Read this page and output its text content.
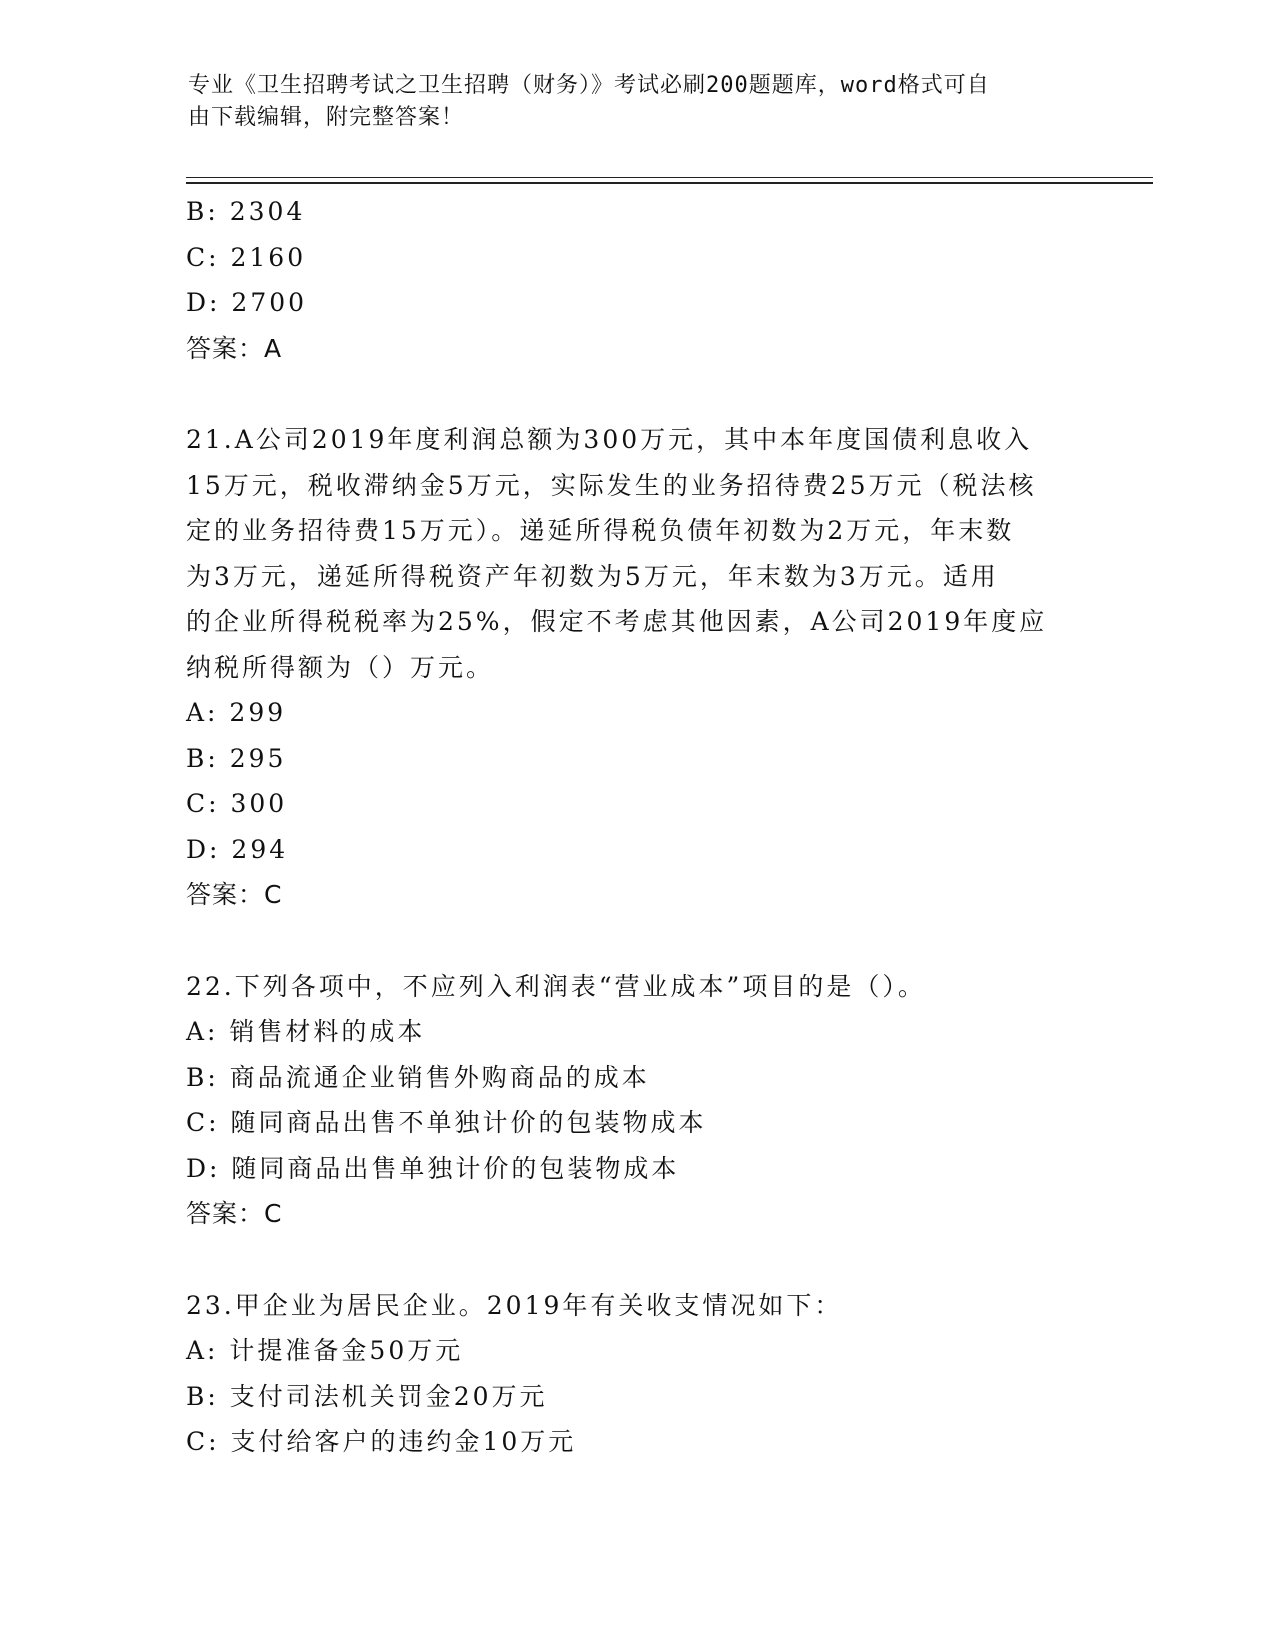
专业《卫生招聘考试之卫生招聘（财务）》考试必刷200题题库，word格式可自
由下载编辑，附完整答案！
B: 2304
C: 2160
D: 2700
答案：A
21.A公司2019年度利润总额为300万元，其中本年度国债利息收入
15万元，税收滞纳金5万元，实际发生的业务招待费25万元（税法核
定的业务招待费15万元）。递延所得税负债年初数为2万元，年末数
为3万元，递延所得税资产年初数为5万元，年末数为3万元。适用
的企业所得税税率为25%，假定不考虑其他因素，A公司2019年度应
纳税所得额为（）万元。
A: 299
B: 295
C: 300
D: 294
答案：C
22.下列各项中，不应列入利润表“营业成本”项目的是（）。
A: 销售材料的成本
B: 商品流通企业销售外购商品的成本
C: 随同商品出售不单独计价的包装物成本
D: 随同商品出售单独计价的包装物成本
答案：C
23.甲企业为居民企业。2019年有关收支情况如下：
A: 计提准备金50万元
B: 支付司法机关罚金20万元
C: 支付给客户的违约金10万元
